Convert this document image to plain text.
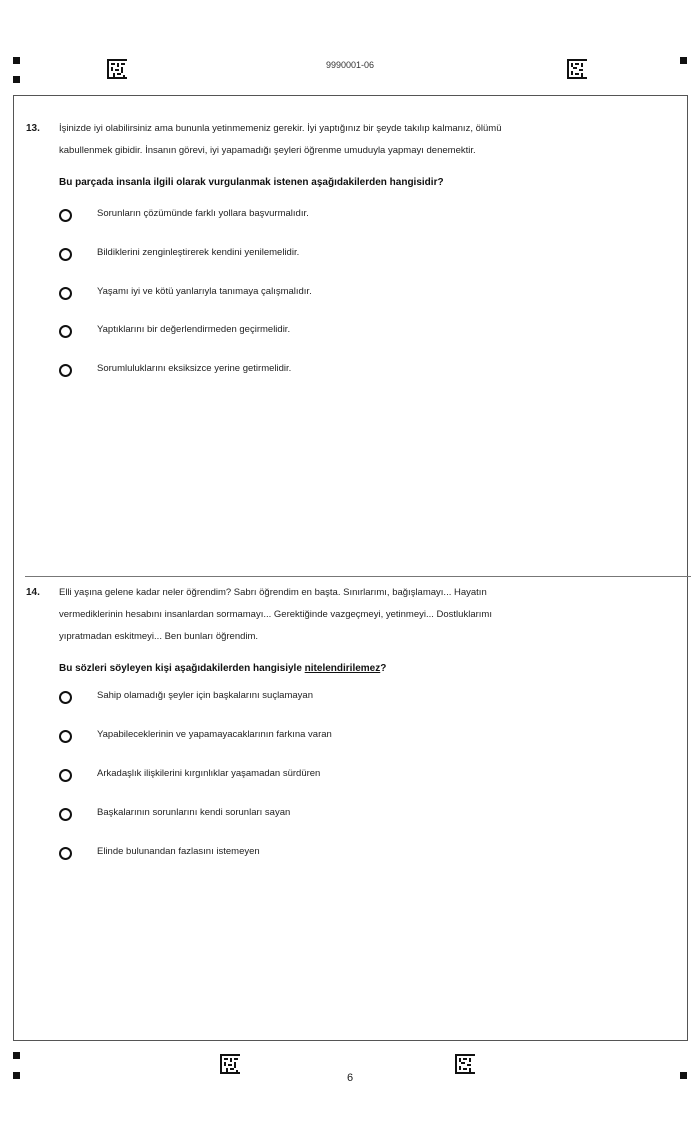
9990001-06
13. İşinizde iyi olabilirsiniz ama bununla yetinmemeniz gerekir. İyi yaptığınız bir şeyde takılıp kalmanız, ölümü
kabullenmek gibidir. İnsanın görevi, iyi yapamadığı şeyleri öğrenme umuduyla yapmayı denemektir.
Bu parçada insanla ilgili olarak vurgulanmak istenen aşağıdakilerden hangisidir?
Sorunların çözümünde farklı yollara başvurmalıdır.
Bildiklerini zenginleştirerek kendini yenilemelidir.
Yaşamı iyi ve kötü yanlarıyla tanımaya çalışmalıdır.
Yaptıklarını bir değerlendirmeden geçirmelidir.
Sorumluluklarını eksiksizce yerine getirmelidir.
14. Elli yaşına gelene kadar neler öğrendim? Sabrı öğrendim en başta. Sınırlarımı, bağışlamayı... Hayatın
vermediklerinin hesabını insanlardan sormamayı... Gerektiğinde vazgeçmeyi, yetinmeyi... Dostluklarımı
yıpratmadan eskitmeyi... Ben bunları öğrendim.
Bu sözleri söyleyen kişi aşağıdakilerden hangisiyle nitelendirilemez?
Sahip olamadığı şeyler için başkalarını suçlamayan
Yapabileceklerinin ve yapamayacaklarının farkına varan
Arkadaşlık ilişkilerini kırgınlıklar yaşamadan sürdüren
Başkalarının sorunlarını kendi sorunları sayan
Elinde bulunandan fazlasını istemeyen
6
